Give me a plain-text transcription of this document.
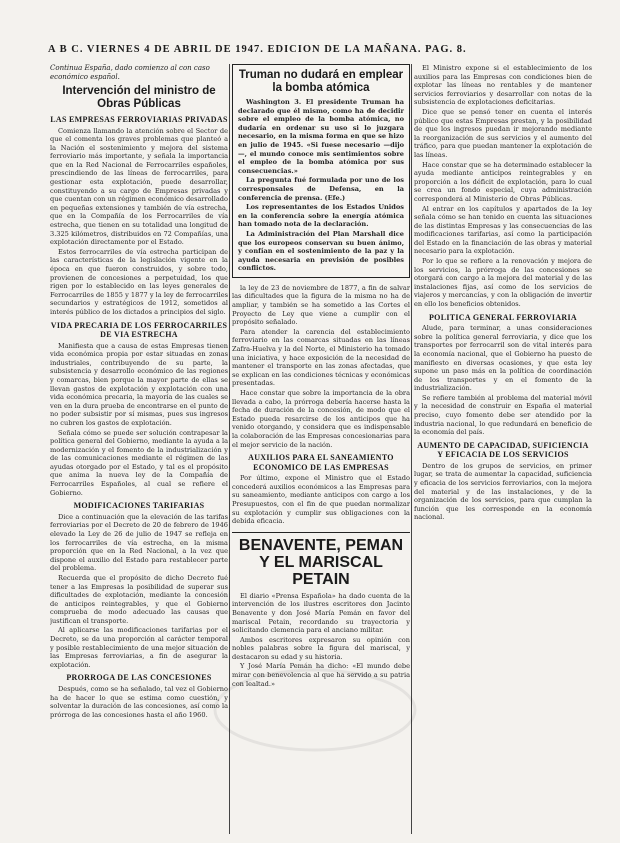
A B C. VIERNES 4 DE ABRIL DE 1947. EDICION DE LA MAÑANA. PAG. 8.

Continua España, dado comienzo al con caso económico español.

Intervención del ministro de Obras Públicas
LAS EMPRESAS FERROVIARIAS PRIVADAS

Comienza llamando la atención sobre el Sector de que el comenta los graves problemas que planteó a la Nación el sostenimiento y mejora del sistema ferroviario más importante, y señala la importancia que en la Red Nacional de Ferrocarriles españoles, prescindiendo de las líneas de ferrocarriles, para gestionar esta explotación, puede desarrollar, constituyendo a su cargo de Empresas privadas y que cuentan con un régimen económico desarrollado en pequeñas extensiones y también de vía estrecha, que en la Compañía de los Ferrocarriles de vía estrecha, que tienen en su totalidad una longitud de 3.325 kilómetros, distribuidos en 72 Compañías, una explotación directamente por el Estado.

Estos ferrocarriles de vía estrecha participan de las características de la legislación vigente en la época en que fueron construidos, y sobre todo, provienen de concesiones a perpetuidad, los que rigen por lo establecido en las leyes generales de Ferrocarriles de 1855 y 1877 y la ley de ferrocarriles secundarios y estratégicos de 1912, sometidos al interés público de los dictados a principios del siglo.

VIDA PRECARIA DE LOS FERROCARRILES DE VIA ESTRECHA

Manifiesta que a causa de estas Empresas tienen vida económica propia por estar situadas en zonas industriales, contribuyendo de su parte, la subsistencia y desarrollo económico de las regiones y comarcas, bien porque la mayor parte de ellas se llevan gastos de explotación y explotación con una vida económica precaria, la mayoría de las cuales se ven en la dura prueba de encontrarse en el punto de no poder subsistir por sí mismas, pues sus ingresos no cubren los gastos de explotación.

Señala cómo se puede ser solución contrapesar la política general del Gobierno, mediante la ayuda a la modernización y el fomento de la industrialización y de las comunicaciones mediante el régimen de las ayudas otorgado por el Estado, y tal es el propósito que anima la nueva ley de la Compañía de Ferrocarriles Españoles, al cual se refiere el Gobierno.

MODIFICACIONES TARIFARIAS

Dice a continuación que la elevación de las tarifas ferroviarias por el Decreto de 20 de febrero de 1946 elevado la Ley de 26 de julio de 1947 se refleja en los ferrocarriles de vía estrecha, en la misma proporción que en la Red Nacional, a la vez que dispone el auxilio del Estado para restablecer parte del problema.

Recuerda que el propósito de dicho Decreto fué tener a las Empresas la posibilidad de superar sus dificultades de explotación, mediante la concesión de anticipos reintegrables, y que el Gobierno comprueba de modo adecuado las causas que justifican el transporte.

Al aplicarse las modificaciones tarifarias por el Decreto, se da una proporción al carácter temporal y posible restablecimiento de una mejor situación de las Empresas ferroviarias, a fin de asegurar la explotación.

PRORROGA DE LAS CONCESIONES

Después, como se ha señalado, tal vez el Gobierno ha de hacer lo que se estima como cuestión, y solventar la duración de las concesiones, así como la prórroga de las concesiones hasta el año 1960.

Truman no dudará en emplear la bomba atómica

Washington 3. El presidente Truman ha declarado que él mismo, como ha de decidir sobre el empleo de la bomba atómica, no dudaría en ordenar su uso si lo juzgara necesario, en la misma forma en que se hizo en julio de 1945. «Si fuese necesario —dijo—, el mundo conoce mis sentimientos sobre el empleo de la bomba atómica por sus consecuencias.»

La pregunta fué formulada por uno de los corresponsales de Defensa, en la conferencia de prensa. (Efe.)

Los representantes de los Estados Unidos en la conferencia sobre la energía atómica han tomado nota de la declaración.

La Administración del Plan Marshall dice que los europeos conservan su buen ánimo, y confían en el sostenimiento de la paz y la ayuda necesaria en previsión de posibles conflictos.

la ley de 23 de noviembre de 1877, a fin de salvar las dificultades que la figura de la misma no ha de ampliar, y también se ha sometido a las Cortes el Proyecto de Ley que viene a cumplir con el propósito señalado.

Para atender la carencia del establecimiento ferroviario en las comarcas situadas en las líneas Zafra-Huelva y la del Norte, el Ministerio ha tomado una iniciativa, y hace exposición de la necesidad de mantener el transporte en las zonas afectadas, que se explican en las condiciones técnicas y económicas presentadas.

Hace constar que sobre la importancia de la obra llevada a cabo, la prórroga debería hacerse hasta la fecha de duración de la concesión, de modo que el Estado pueda resarcirse de los anticipos que ha venido otorgando, y considera que es indispensable la colaboración de las Empresas concesionarias para el mejor servicio de la nación.

AUXILIOS PARA EL SANEAMIENTO ECONOMICO DE LAS EMPRESAS

Por último, expone el Ministro que el Estado concederá auxilios económicos a las Empresas para su saneamiento, mediante anticipos con cargo a los Presupuestos, con el fin de que puedan normalizar su explotación y cumplir sus obligaciones con la debida eficacia.

BENAVENTE, PEMAN Y EL MARISCAL PETAIN

El diario «Prensa Española» ha dado cuenta de la intervención de los ilustres escritores don Jacinto Benavente y don José María Pemán en favor del mariscal Petain, recordando su trayectoria y solicitando clemencia para el anciano militar.

Ambos escritores expresaron su opinión con nobles palabras sobre la figura del mariscal, y destacaron su edad y su historia.

Y José María Pemán ha dicho: «El mundo debe mirar con benevolencia al que ha servido a su patria con lealtad.»

El Ministro expone si el establecimiento de los auxilios para las Empresas con condiciones bien de explotar las líneas no rentables y de mantener servicios ferroviarios y desarrollar con notas de la subsistencia de explotaciones deficitarias.

Dice que se pensó tener en cuenta el interés público que estas Empresas prestan, y la posibilidad de que los ingresos puedan ir mejorando mediante la reorganización de sus servicios y el aumento del tráfico, para que puedan mantener la explotación de las líneas.

Hace constar que se ha determinado establecer la ayuda mediante anticipos reintegrables y en proporción a los déficit de explotación, para lo cual se crea un fondo especial, cuya administración corresponderá al Ministerio de Obras Públicas.

Al entrar en los capítulos y apartados de la ley señala cómo se han tenido en cuenta las situaciones de las distintas Empresas y las consecuencias de las modificaciones tarifarias, así como la participación del Estado en la financiación de las obras y material necesario para la explotación.

Por lo que se refiere a la renovación y mejora de los servicios, la prórroga de las concesiones se otorgará con cargo a la mejora del material y de las instalaciones fijas, así como de los servicios de viajeros y mercancías, y con la obligación de invertir en ello los beneficios obtenidos.

POLITICA GENERAL FERROVIARIA

Alude, para terminar, a unas consideraciones sobre la política general ferroviaria, y dice que los transportes por ferrocarril son de vital interés para la economía nacional, que el Gobierno ha puesto de manifiesto en diversas ocasiones, y que esta ley supone un paso más en la política de coordinación de los transportes y en el fomento de la industrialización.

Se refiere también al problema del material móvil y la necesidad de construir en España el material preciso, cuyo fomento debe ser atendido por la industria nacional, lo que redundará en beneficio de la economía del país.

AUMENTO DE CAPACIDAD, SUFICIENCIA Y EFICACIA DE LOS SERVICIOS

Dentro de los grupos de servicios, en primer lugar, se trata de aumentar la capacidad, suficiencia y eficacia de los servicios ferroviarios, con la mejora del material y de las instalaciones, y de la organización de los servicios, para que cumplan la función que les corresponde en la economía nacional.
